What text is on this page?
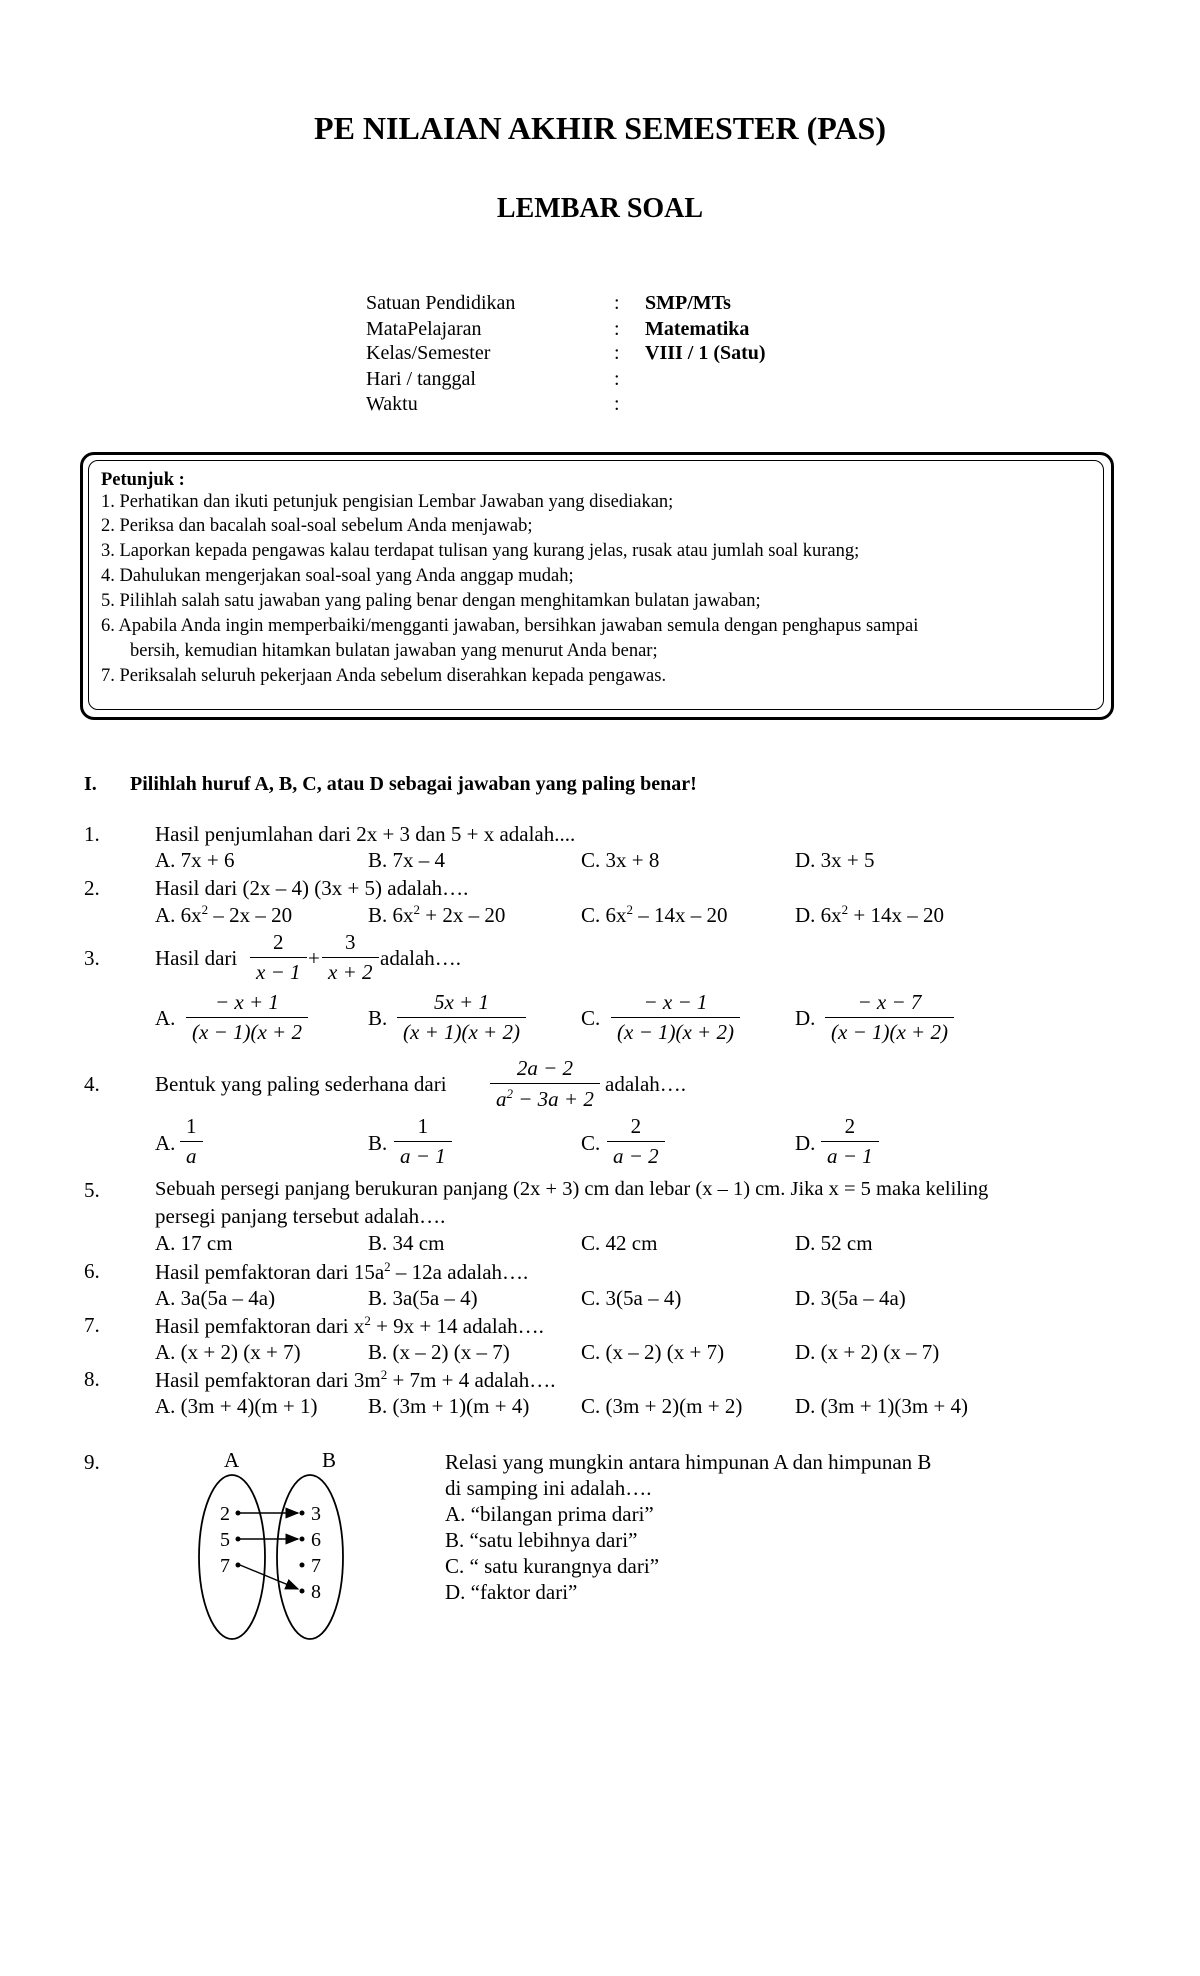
PE NILAIAN AKHIR SEMESTER (PAS)
LEMBAR SOAL
Satuan Pendidikan	: SMP/MTs
MataPelajaran	: Matematika
Kelas/Semester	: VIII / 1 (Satu)
Hari / tanggal	:
Waktu	:
Petunjuk :
1. Perhatikan dan ikuti petunjuk pengisian Lembar Jawaban yang disediakan;
2. Periksa dan bacalah soal-soal sebelum Anda menjawab;
3. Laporkan kepada pengawas kalau terdapat tulisan yang kurang jelas, rusak atau jumlah soal kurang;
4. Dahulukan mengerjakan soal-soal yang Anda anggap mudah;
5. Pilihlah salah satu jawaban yang paling benar dengan menghitamkan bulatan jawaban;
6. Apabila Anda ingin memperbaiki/mengganti jawaban, bersihkan jawaban semula dengan penghapus sampai
bersih, kemudian hitamkan bulatan jawaban yang menurut Anda benar;
7. Periksalah seluruh pekerjaan Anda sebelum diserahkan kepada pengawas.
I. Pilihlah huruf A, B, C, atau D sebagai jawaban yang paling benar!
1.	Hasil penjumlahan dari 2x + 3 dan 5 + x adalah....
A. 7x + 6	B. 7x – 4	C. 3x + 8	D. 3x + 5
2.	Hasil dari (2x – 4) (3x + 5) adalah….
A. $6x^2 - 2x - 20$	B. $6x^2 + 2x - 20$	C. $6x^2 - 14x - 20$	D. $6x^2 + 14x - 20$
3.	Hasil dari $\frac{2}{x - 1} + \frac{3}{x + 2}$ adalah….
A. $\frac{- x + 1}{(x - 1)(x + 2}$	B. $\frac{5x + 1}{(x + 1)(x + 2)}$	C. $\frac{- x - 1}{(x - 1)(x + 2)}$	D. $\frac{- x - 7}{(x - 1)(x + 2)}$
4.	Bentuk yang paling sederhana dari $\frac{2a - 2}{a^2 - 3a + 2}$ adalah….
A. $\frac{1}{a}$	B. $\frac{1}{a - 1}$	C. $\frac{2}{a - 2}$	D. $\frac{2}{a - 1}$
5.	Sebuah persegi panjang berukuran panjang (2x + 3) cm dan lebar (x – 1) cm. Jika x = 5 maka keliling
persegi panjang tersebut adalah….
A. 17 cm	B. 34 cm	C. 42 cm	D. 52 cm
6.	Hasil pemfaktoran dari $15a^2 - 12a$ adalah….
A. 3a(5a – 4a)	B. 3a(5a – 4)	C. 3(5a – 4)	D. 3(5a – 4a)
7.	Hasil pemfaktoran dari $x^2 + 9x + 14$ adalah….
A. (x + 2) (x + 7)	B. (x – 2) (x – 7)	C. (x – 2) (x + 7)	D. (x + 2) (x – 7)
8.	Hasil pemfaktoran dari $3m^2 + 7m + 4$ adalah….
A. (3m + 4)(m + 1) B. (3m + 1)(m + 4) C. (3m + 2)(m + 2)	D. (3m + 1)(3m + 4)
9.	A	B
2
5
7
3
6
7
8
Relasi yang mungkin antara himpunan A dan himpunan B
di samping ini adalah….
A. “bilangan prima dari”
B. “satu lebihnya dari”
C. “ satu kurangnya dari”
D. “faktor dari”
